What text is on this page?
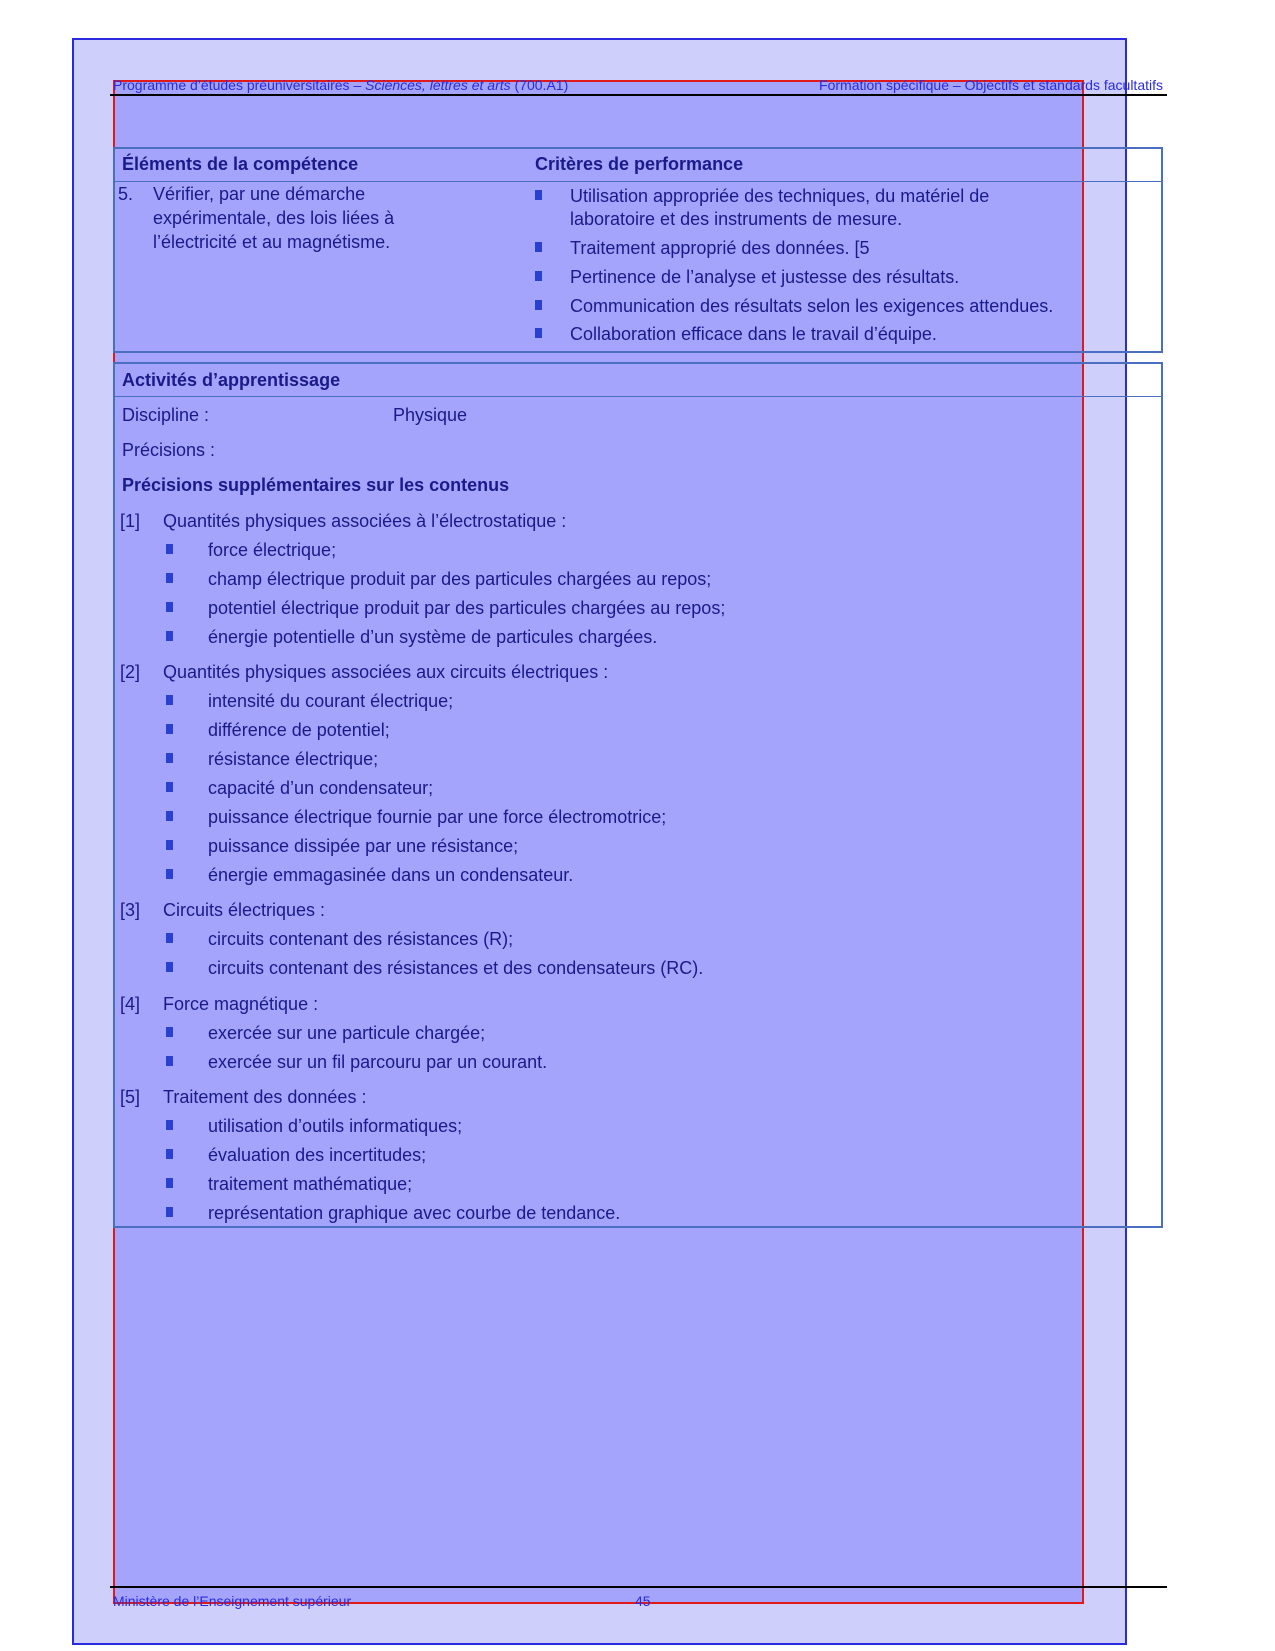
Programme d’études préuniversitaires – Sciences, lettres et arts (700.A1)	Formation spécifique – Objectifs et standards facultatifs
Éléments de la compétence	Critères de performance
5. Vérifier, par une démarche
expérimentale, des lois liées à
l’électricité et au magnétisme.
Utilisation appropriée des techniques, du matériel de
laboratoire et des instruments de mesure.
Traitement approprié des données. [5
Pertinence de l’analyse et justesse des résultats.
Communication des résultats selon les exigences attendues.
Collaboration efficace dans le travail d’équipe.
Activités d’apprentissage
Discipline :	Physique
Précisions :
Précisions supplémentaires sur les contenus
[1] Quantités physiques associées à l’électrostatique :
force électrique;
champ électrique produit par des particules chargées au repos;
potentiel électrique produit par des particules chargées au repos;
énergie potentielle d’un système de particules chargées.
[2] Quantités physiques associées aux circuits électriques :
intensité du courant électrique;
différence de potentiel;
résistance électrique;
capacité d’un condensateur;
puissance électrique fournie par une force électromotrice;
puissance dissipée par une résistance;
énergie emmagasinée dans un condensateur.
[3] Circuits électriques :
circuits contenant des résistances (R);
circuits contenant des résistances et des condensateurs (RC).
[4] Force magnétique :
exercée sur une particule chargée;
exercée sur un fil parcouru par un courant.
[5] Traitement des données :
utilisation d’outils informatiques;
évaluation des incertitudes;
traitement mathématique;
représentation graphique avec courbe de tendance.
Ministère de l’Enseignement supérieur	45
